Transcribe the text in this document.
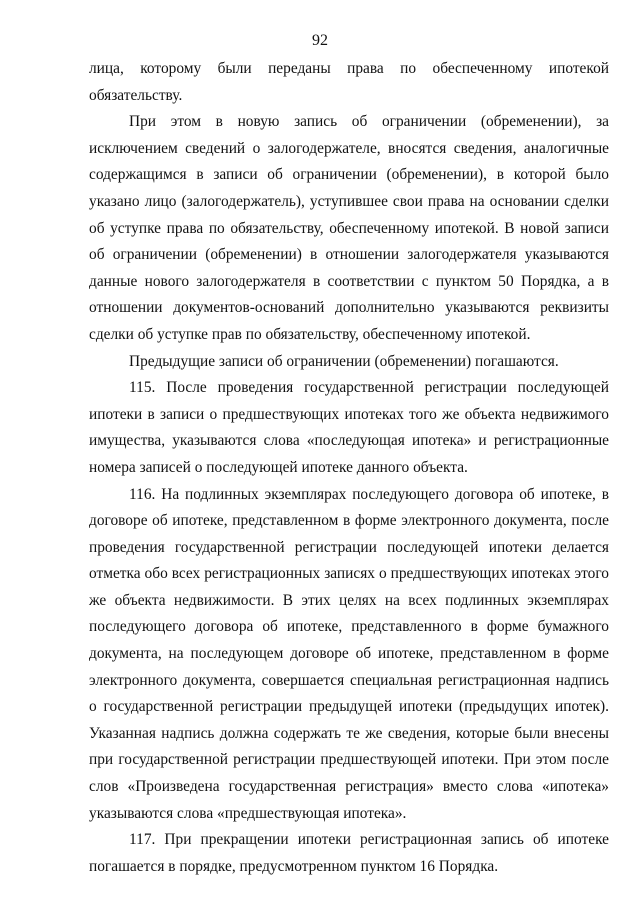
92

лица, которому были переданы права по обеспеченному ипотекой обязательству.

При этом в новую запись об ограничении (обременении), за исключением сведений о залогодержателе, вносятся сведения, аналогичные содержащимся в записи об ограничении (обременении), в которой было указано лицо (залогодержатель), уступившее свои права на основании сделки об уступке права по обязательству, обеспеченному ипотекой. В новой записи об ограничении (обременении) в отношении залогодержателя указываются данные нового залогодержателя в соответствии с пунктом 50 Порядка, а в отношении документов-оснований дополнительно указываются реквизиты сделки об уступке прав по обязательству, обеспеченному ипотекой.

Предыдущие записи об ограничении (обременении) погашаются.

115. После проведения государственной регистрации последующей ипотеки в записи о предшествующих ипотеках того же объекта недвижимого имущества, указываются слова «последующая ипотека» и регистрационные номера записей о последующей ипотеке данного объекта.

116. На подлинных экземплярах последующего договора об ипотеке, в договоре об ипотеке, представленном в форме электронного документа, после проведения государственной регистрации последующей ипотеки делается отметка обо всех регистрационных записях о предшествующих ипотеках этого же объекта недвижимости. В этих целях на всех подлинных экземплярах последующего договора об ипотеке, представленного в форме бумажного документа, на последующем договоре об ипотеке, представленном в форме электронного документа, совершается специальная регистрационная надпись о государственной регистрации предыдущей ипотеки (предыдущих ипотек). Указанная надпись должна содержать те же сведения, которые были внесены при государственной регистрации предшествующей ипотеки. При этом после слов «Произведена государственная регистрация» вместо слова «ипотека» указываются слова «предшествующая ипотека».

117. При прекращении ипотеки регистрационная запись об ипотеке погашается в порядке, предусмотренном пунктом 16 Порядка.
